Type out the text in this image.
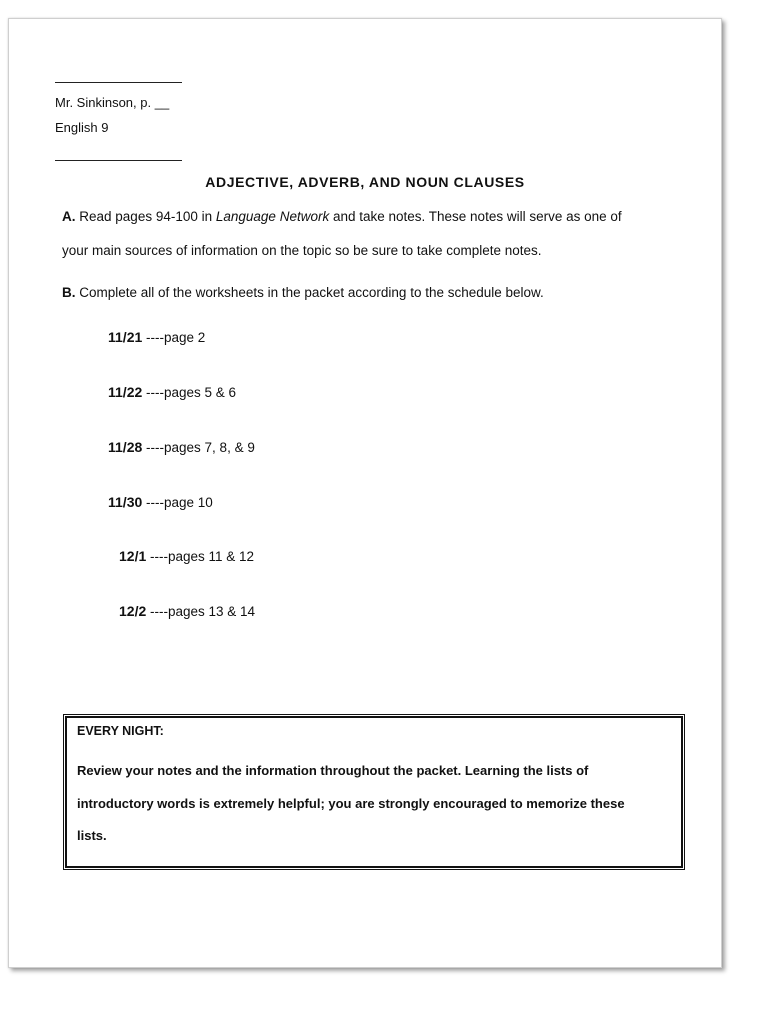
Mr. Sinkinson, p. __
English 9
ADJECTIVE, ADVERB, AND NOUN CLAUSES
A. Read pages 94-100 in Language Network and take notes. These notes will serve as one of
your main sources of information on the topic so be sure to take complete notes.
B. Complete all of the worksheets in the packet according to the schedule below.
11/21 ----page 2
11/22 ----pages 5 & 6
11/28 ----pages 7, 8, & 9
11/30 ----page 10
12/1 ----pages 11 & 12
12/2 ----pages 13 & 14
EVERY NIGHT:
Review your notes and the information throughout the packet. Learning the lists of
introductory words is extremely helpful; you are strongly encouraged to memorize these
lists.
